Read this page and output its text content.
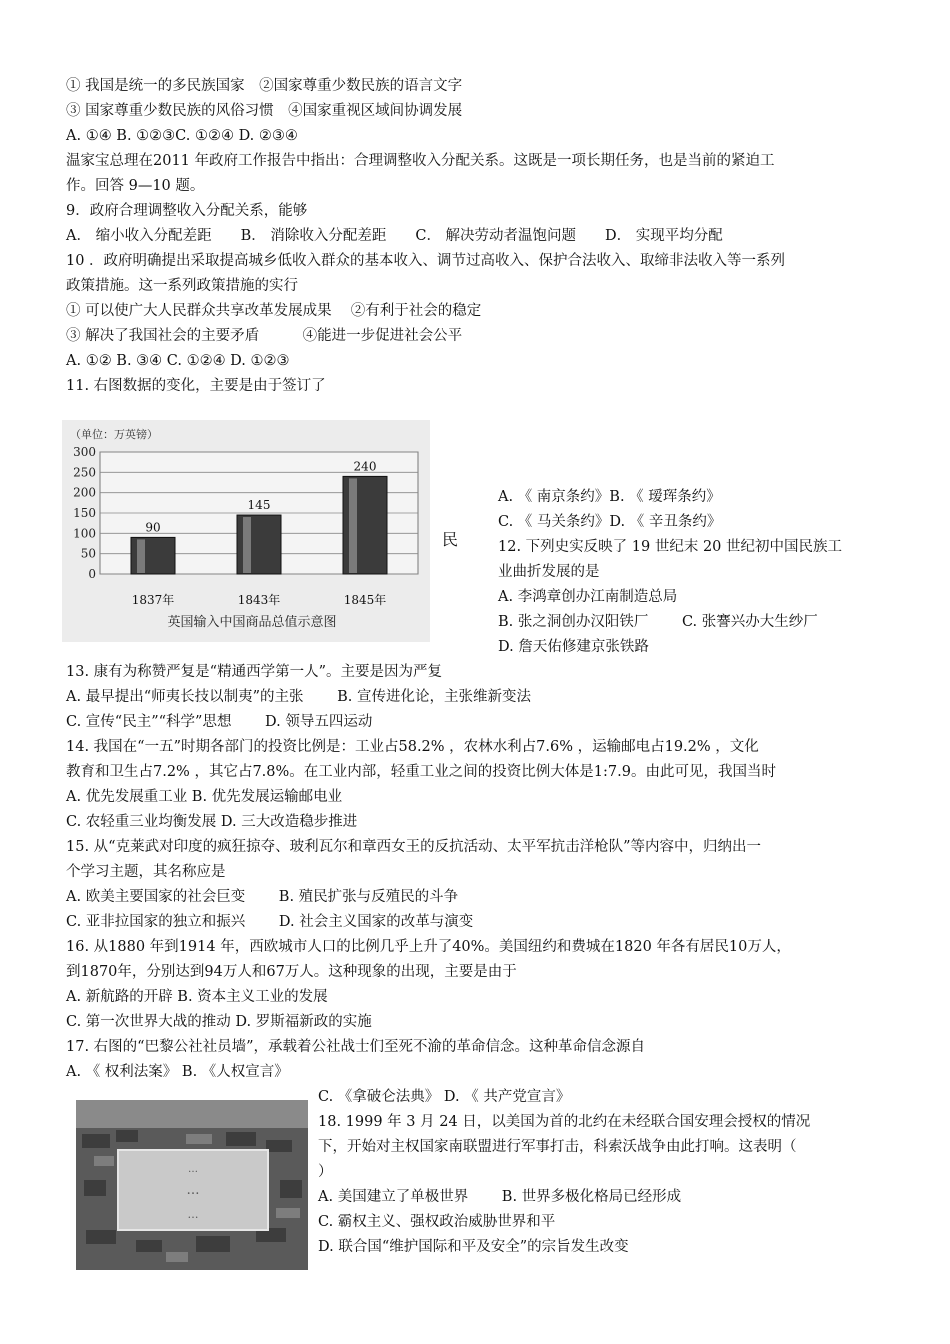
① 我国是统一的多民族国家　②国家尊重少数民族的语言文字
③ 国家尊重少数民族的风俗习惯　④国家重视区域间协调发展
A. ①④ B. ①②③C. ①②④ D. ②③④
温家宝总理在2011 年政府工作报告中指出：合理调整收入分配关系。这既是一项长期任务，也是当前的紧迫工
作。回答 9—10 题。
9．政府合理调整收入分配关系，能够
A． 缩小收入分配差距　　B． 消除收入分配差距　　C． 解决劳动者温饱问题　　D． 实现平均分配
10 ．政府明确提出采取提高城乡低收入群众的基本收入、调节过高收入、保护合法收入、取缔非法收入等一系列
政策措施。这一系列政策措施的实行
① 可以使广大人民群众共享改革发展成果　 ②有利于社会的稳定
③ 解决了我国社会的主要矛盾　　　④能进一步促进社会公平
A. ①② B. ③④ C. ①②④ D. ①②③
11. 右图数据的变化，主要是由于签订了
（单位：万英镑）
0
50
100
150
200
250
300
90
1837年
145
1843年
240
1845年
英国输入中国商品总值示意图
民
A. 《 南京条约》B. 《 瑷珲条约》
C. 《 马关条约》D. 《 辛丑条约》
12. 下列史实反映了 19 世纪末 20 世纪初中国民族工
业曲折发展的是
A. 李鸿章创办江南制造总局
B. 张之洞创办汉阳铁厂　　 C. 张謇兴办大生纱厂
D. 詹天佑修建京张铁路
13. 康有为称赞严复是“精通西学第一人”。主要是因为严复
A. 最早提出“师夷长技以制夷”的主张　　 B. 宣传进化论，主张维新变法
C. 宣传“民主”“科学”思想　　 D. 领导五四运动
14. 我国在“一五”时期各部门的投资比例是：工业占58.2% ，农林水利占7.6% ，运输邮电占19.2% ，文化
教育和卫生占7.2% ，其它占7.8%。在工业内部，轻重工业之间的投资比例大体是1:7.9。由此可见，我国当时
A. 优先发展重工业 B. 优先发展运输邮电业
C. 农轻重三业均衡发展 D. 三大改造稳步推进
15. 从“克莱武对印度的疯狂掠夺、玻利瓦尔和章西女王的反抗活动、太平军抗击洋枪队”等内容中，归纳出一
个学习主题，其名称应是
A. 欧美主要国家的社会巨变　　 B. 殖民扩张与反殖民的斗争
C. 亚非拉国家的独立和振兴　　 D. 社会主义国家的改革与演变
16. 从1880 年到1914 年，西欧城市人口的比例几乎上升了40%。美国纽约和费城在1820 年各有居民10万人，
到1870年，分别达到94万人和67万人。这种现象的出现，主要是由于
A. 新航路的开辟 B. 资本主义工业的发展
C. 第一次世界大战的推动 D. 罗斯福新政的实施
17. 右图的“巴黎公社社员墙”，承载着公社战士们至死不渝的革命信念。这种革命信念源自
A. 《 权利法案》 B. 《人权宣言》
…
…
…
C. 《拿破仑法典》 D. 《 共产党宣言》
18. 1999 年 3 月 24 日，以美国为首的北约在未经联合国安理会授权的情况
下，开始对主权国家南联盟进行军事打击，科索沃战争由此打响。这表明（
）
A. 美国建立了单极世界　　 B. 世界多极化格局已经形成
C. 霸权主义、强权政治威胁世界和平
D. 联合国“维护国际和平及安全”的宗旨发生改变
